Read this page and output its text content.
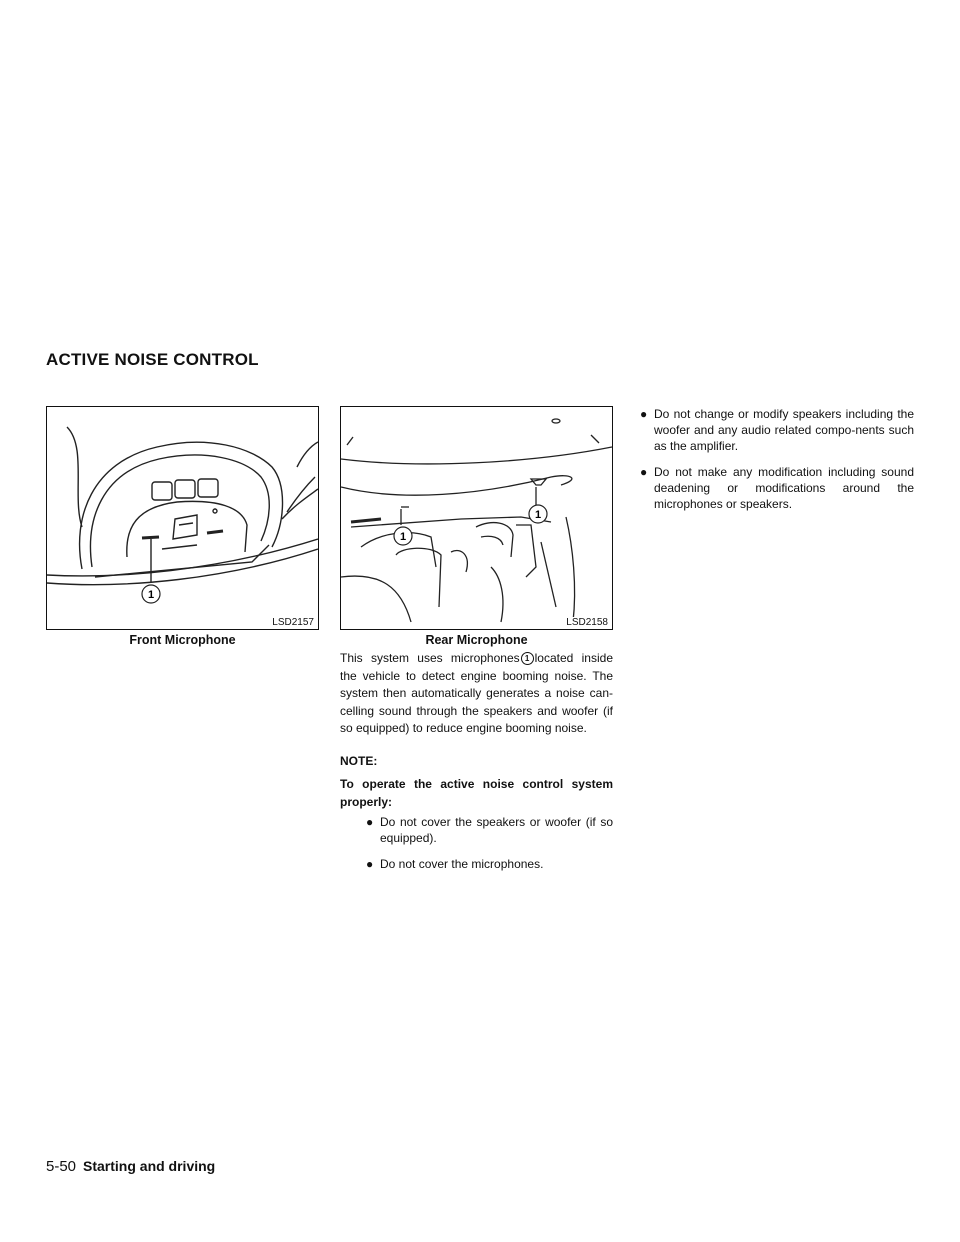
ACTIVE NOISE CONTROL
1
LSD2157
Front Microphone
1
1
LSD2158
Rear Microphone

This system uses microphones 1 located inside the vehicle to detect engine booming noise. The system then automatically generates a noise can-celling sound through the speakers and woofer (if so equipped) to reduce engine booming noise.

NOTE:

To operate the active noise control system properly:

● Do not cover the speakers or woofer (if so equipped).
● Do not cover the microphones.
● Do not change or modify speakers including the woofer and any audio related compo-nents such as the amplifier.
● Do not make any modification including sound deadening or modifications around the microphones or speakers.
5-50 Starting and driving
